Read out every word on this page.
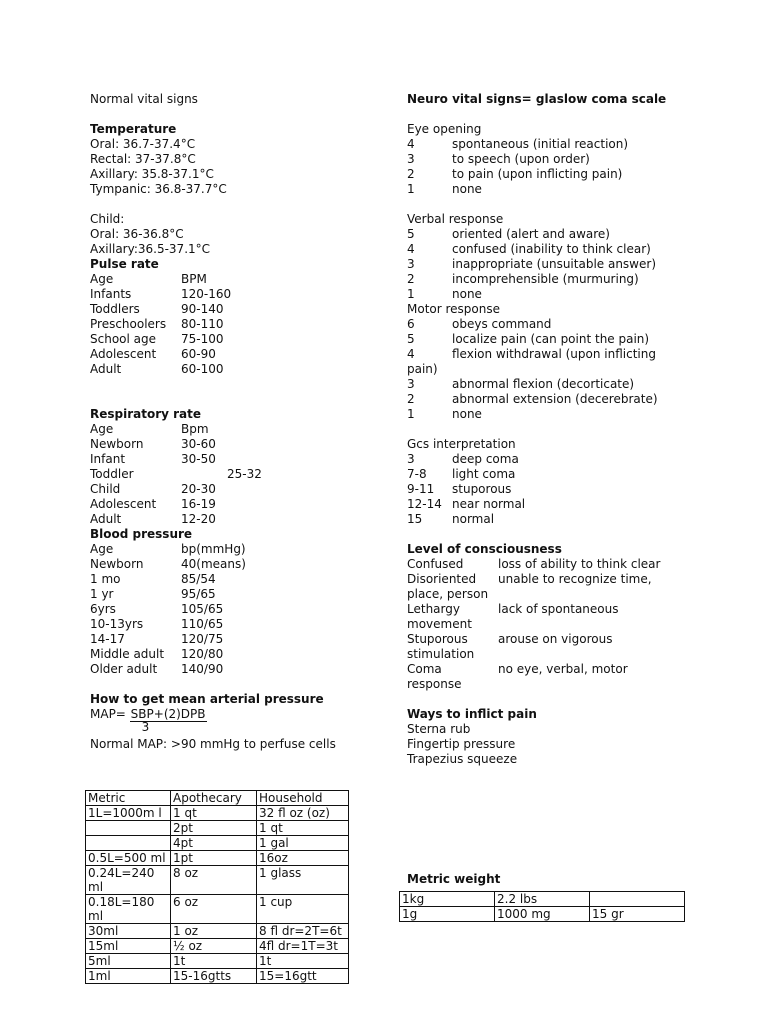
Normal vital signs
Temperature
Oral: 36.7-37.4°C
Rectal: 37-37.8°C
Axillary: 35.8-37.1°C
Tympanic: 36.8-37.7°C
Child:
Oral: 36-36.8°C
Axillary:36.5-37.1°C
Pulse rate
Age	BPM
Infants	120-160
Toddlers	90-140
Preschoolers	80-110
School age	75-100
Adolescent	60-90
Adult	60-100
Respiratory rate
Age	Bpm
Newborn	30-60
Infant	30-50
Toddler	25-32
Child	20-30
Adolescent	16-19
Adult	12-20
Blood pressure
Age	bp(mmHg)
Newborn	40(means)
1 mo	85/54
1 yr	95/65
6yrs	105/65
10-13yrs	110/65
14-17	120/75
Middle adult	120/80
Older adult	140/90
How to get mean arterial pressure
$MAP= \frac{\text{SBP+(2)DPB}}{3}$
Normal MAP: >90 mmHg to perfuse cells
Neuro vital signs= glaslow coma scale
Eye opening
4	spontaneous (initial reaction)
3	to speech (upon order)
2	to pain (upon inflicting pain)
1	none
Verbal response
5	oriented (alert and aware)
4	confused (inability to think clear)
3	inappropriate (unsuitable answer)
2	incomprehensible (murmuring)
1	none
Motor response
6	obeys command
5	localize pain (can point the pain)
4	flexion withdrawal (upon inflicting
pain)
3	abnormal flexion (decorticate)
2	abnormal extension (decerebrate)
1	none
Gcs interpretation
3	deep coma
7-8	light coma
9-11	stuporous
12-14 near normal
15	normal
Level of consciousness
Confused	loss of ability to think clear
Disoriented	unable to recognize time,
place, person
Lethargy	lack of spontaneous
movement
Stuporous	arouse on vigorous
stimulation
Coma	no eye, verbal, motor
response
Ways to inflict pain
Sterna rub
Fingertip pressure
Trapezius squeeze
Metric weight
Metric	Apothecary	Household
1L=1000m l	1 qt	32 fl oz (oz)
	2pt	1 qt
	4pt	1 gal
0.5L=500 ml	1pt	16oz
0.24L=240 ml	8 oz	1 glass
0.18L=180 ml	6 oz	1 cup
30ml	1 oz	8 fl dr=2T=6t
15ml	½ oz	4fl dr=1T=3t
5ml	1t	1t
1ml	15-16gtts	15=16gtt
1kg	2.2 lbs	
1g	1000 mg	15 gr
